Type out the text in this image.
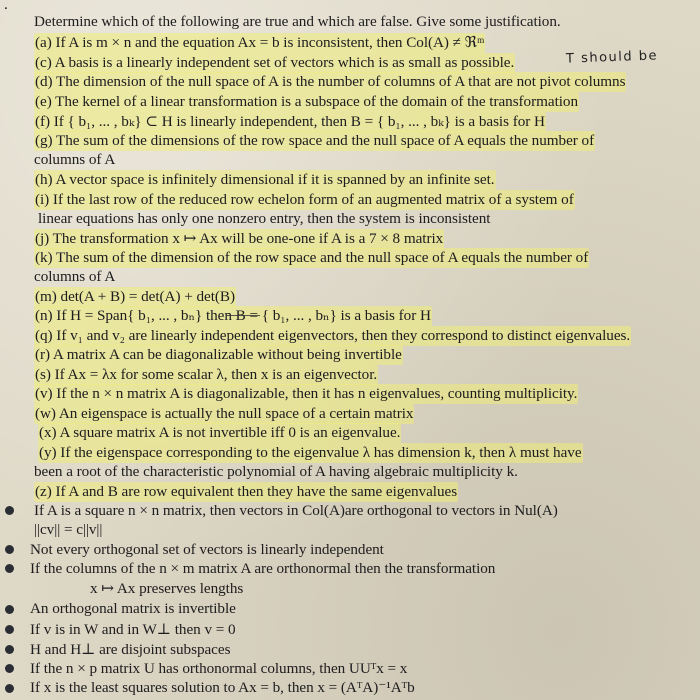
.
Determine which of the following are true and which are false. Give some justification.
(a) If A is m × n and the equation Ax = b is inconsistent, then Col(A) ≠ ℜᵐ
(c) A basis is a linearly independent set of vectors which is as small as possible.	T should be
(d) The dimension of the null space of A is the number of columns of A that are not pivot columns
(e) The kernel of a linear transformation is a subspace of the domain of the transformation
(f) If { b₁, ... , bₖ} ⊂ H is linearly independent, then B = { b₁, ... , bₖ} is a basis for H
(g) The sum of the dimensions of the row space and the null space of A equals the number of
columns of A
(h) A vector space is infinitely dimensional if it is spanned by an infinite set.
(i) If the last row of the reduced row echelon form of an augmented matrix of a system of
linear equations has only one nonzero entry, then the system is inconsistent
(j) The transformation x ↦ Ax will be one-one if A is a 7 × 8 matrix
(k) The sum of the dimension of the row space and the null space of A equals the number of
columns of A
(m) det(A + B) = det(A) + det(B)
(n) If H = Span{ b₁, ... , bₙ} then B = { b₁, ... , bₙ} is a basis for H
(q) If v₁ and v₂ are linearly independent eigenvectors, then they correspond to distinct eigenvalues.
(r) A matrix A can be diagonalizable without being invertible
(s) If Ax = λx for some scalar λ, then x is an eigenvector.
(v) If the n × n matrix A is diagonalizable, then it has n eigenvalues, counting multiplicity.
(w) An eigenspace is actually the null space of a certain matrix
(x) A square matrix A is not invertible iff 0 is an eigenvalue.
(y) If the eigenspace corresponding to the eigenvalue λ has dimension k, then λ must have
been a root of the characteristic polynomial of A having algebraic multiplicity k.
(z) If A and B are row equivalent then they have the same eigenvalues
If A is a square n × n matrix, then vectors in Col(A)are orthogonal to vectors in Nul(A)
||cv|| = c||v||
Not every orthogonal set of vectors is linearly independent
If the columns of the n × m matrix A are orthonormal then the transformation
x ↦ Ax preserves lengths
An orthogonal matrix is invertible
If v is in W and in W⊥ then v = 0
H and H⊥ are disjoint subspaces
If the n × p matrix U has orthonormal columns, then UUᵀx = x
If x is the least squares solution to Ax = b, then x = (AᵀA)⁻¹Aᵀb
